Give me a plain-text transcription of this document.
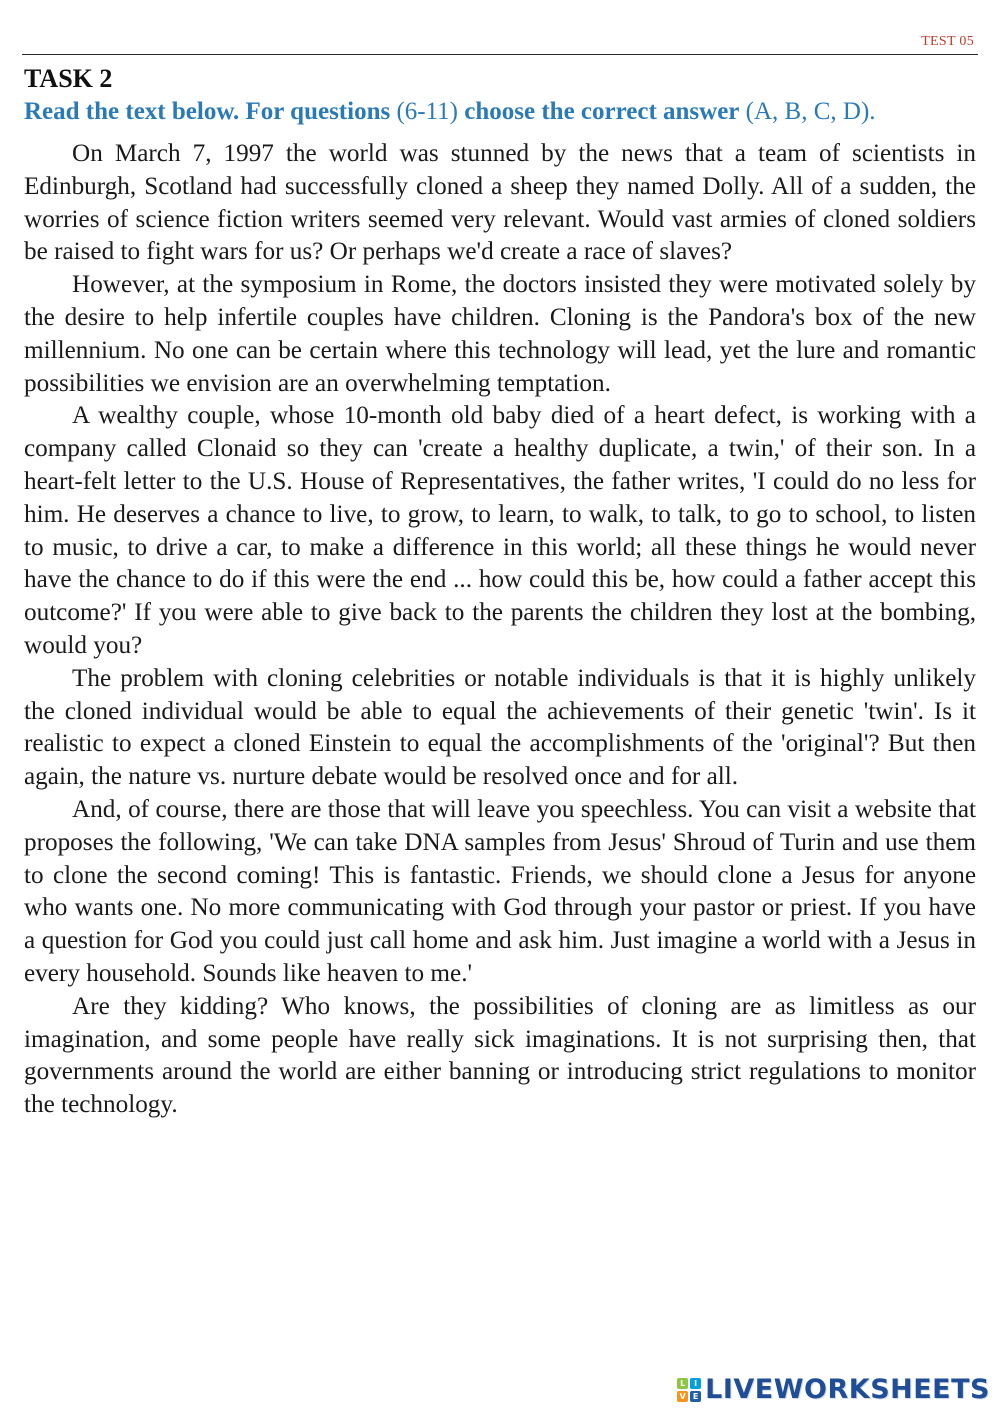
TEST 05
TASK 2
Read the text below. For questions (6-11) choose the correct answer (A, B, C, D).

On March 7, 1997 the world was stunned by the news that a team of scientists in Edinburgh, Scotland had successfully cloned a sheep they named Dolly. All of a sudden, the worries of science fiction writers seemed very relevant. Would vast armies of cloned soldiers be raised to fight wars for us? Or perhaps we'd create a race of slaves?

However, at the symposium in Rome, the doctors insisted they were motivated solely by the desire to help infertile couples have children. Cloning is the Pandora's box of the new millennium. No one can be certain where this technology will lead, yet the lure and romantic possibilities we envision are an overwhelming temptation.

A wealthy couple, whose 10-month old baby died of a heart defect, is working with a company called Clonaid so they can 'create a healthy duplicate, a twin,' of their son. In a heart-felt letter to the U.S. House of Representatives, the father writes, 'I could do no less for him. He deserves a chance to live, to grow, to learn, to walk, to talk, to go to school, to listen to music, to drive a car, to make a difference in this world; all these things he would never have the chance to do if this were the end ... how could this be, how could a father accept this outcome?' If you were able to give back to the parents the children they lost at the bombing, would you?

The problem with cloning celebrities or notable individuals is that it is highly unlikely the cloned individual would be able to equal the achievements of their genetic 'twin'. Is it realistic to expect a cloned Einstein to equal the accomplishments of the 'original'? But then again, the nature vs. nurture debate would be resolved once and for all.

And, of course, there are those that will leave you speechless. You can visit a website that proposes the following, 'We can take DNA samples from Jesus' Shroud of Turin and use them to clone the second coming! This is fantastic. Friends, we should clone a Jesus for anyone who wants one. No more communicating with God through your pastor or priest. If you have a question for God you could just call home and ask him. Just imagine a world with a Jesus in every household. Sounds like heaven to me.'

Are they kidding? Who knows, the possibilities of cloning are as limitless as our imagination, and some people have really sick imaginations. It is not surprising then, that governments around the world are either banning or introducing strict regulations to monitor the technology.

L	I
V E LIVEWORKSHEETS
